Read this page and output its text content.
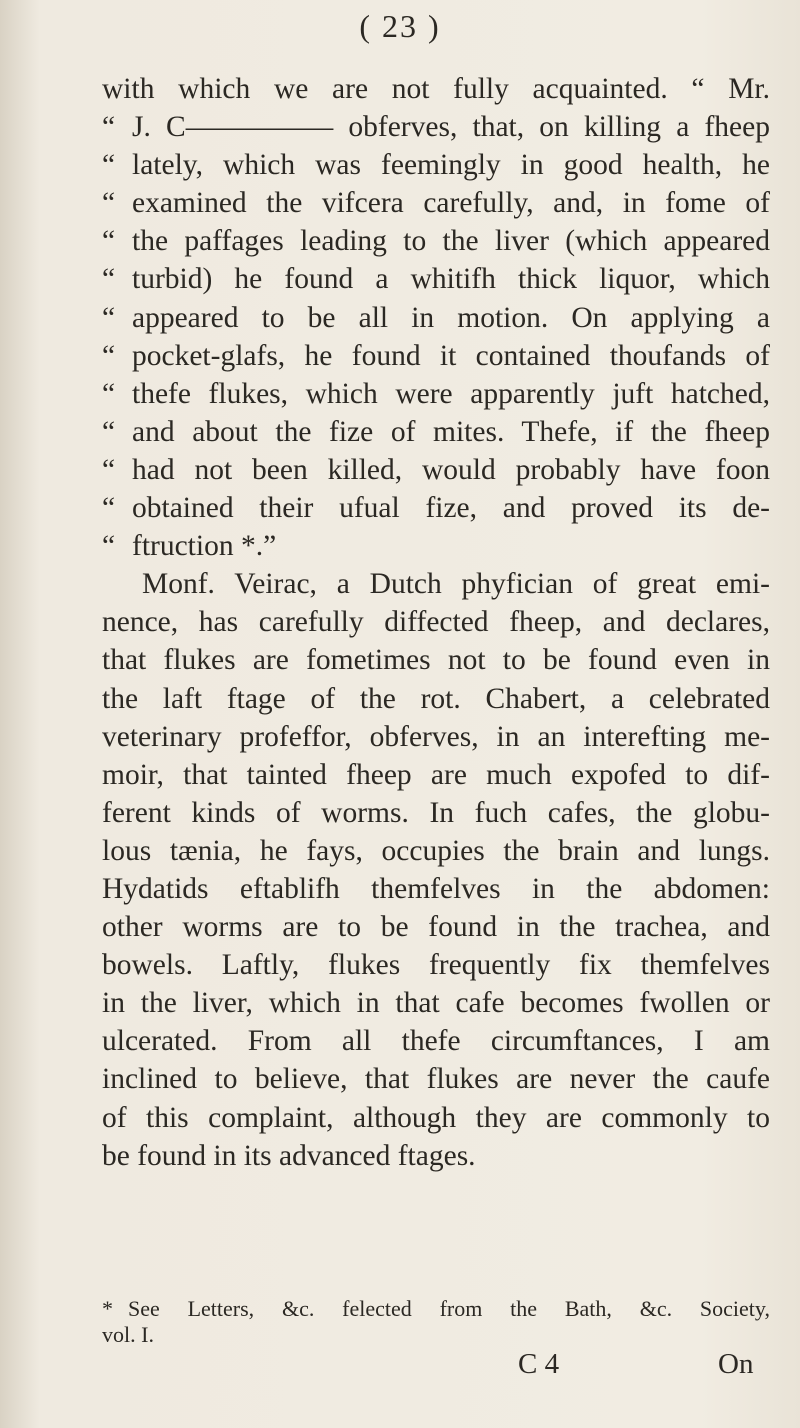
( 23 )
with which we are not fully acquainted. “ Mr.
“ J. C————— obferves, that, on killing a fheep
“ lately, which was feemingly in good health, he
“ examined the vifcera carefully, and, in fome of
“ the paffages leading to the liver (which appeared
“ turbid) he found a whitifh thick liquor, which
“ appeared to be all in motion. On applying a
“ pocket-glafs, he found it contained thoufands of
“ thefe flukes, which were apparently juft hatched,
“ and about the fize of mites. Thefe, if the fheep
“ had not been killed, would probably have foon
“ obtained their ufual fize, and proved its de-
“ ftruction *.”
Monf. Veirac, a Dutch phyfician of great emi-
nence, has carefully diffected fheep, and declares,
that flukes are fometimes not to be found even in
the laft ftage of the rot. Chabert, a celebrated
veterinary profeffor, obferves, in an interefting me-
moir, that tainted fheep are much expofed to dif-
ferent kinds of worms. In fuch cafes, the globu-
lous tænia, he fays, occupies the brain and lungs.
Hydatids eftablifh themfelves in the abdomen:
other worms are to be found in the trachea, and
bowels. Laftly, flukes frequently fix themfelves
in the liver, which in that cafe becomes fwollen or
ulcerated. From all thefe circumftances, I am
inclined to believe, that flukes are never the caufe
of this complaint, although they are commonly to
be found in its advanced ftages.
* See Letters, &c. felected from the Bath, &c. Society,
vol. I.
C 4	On
